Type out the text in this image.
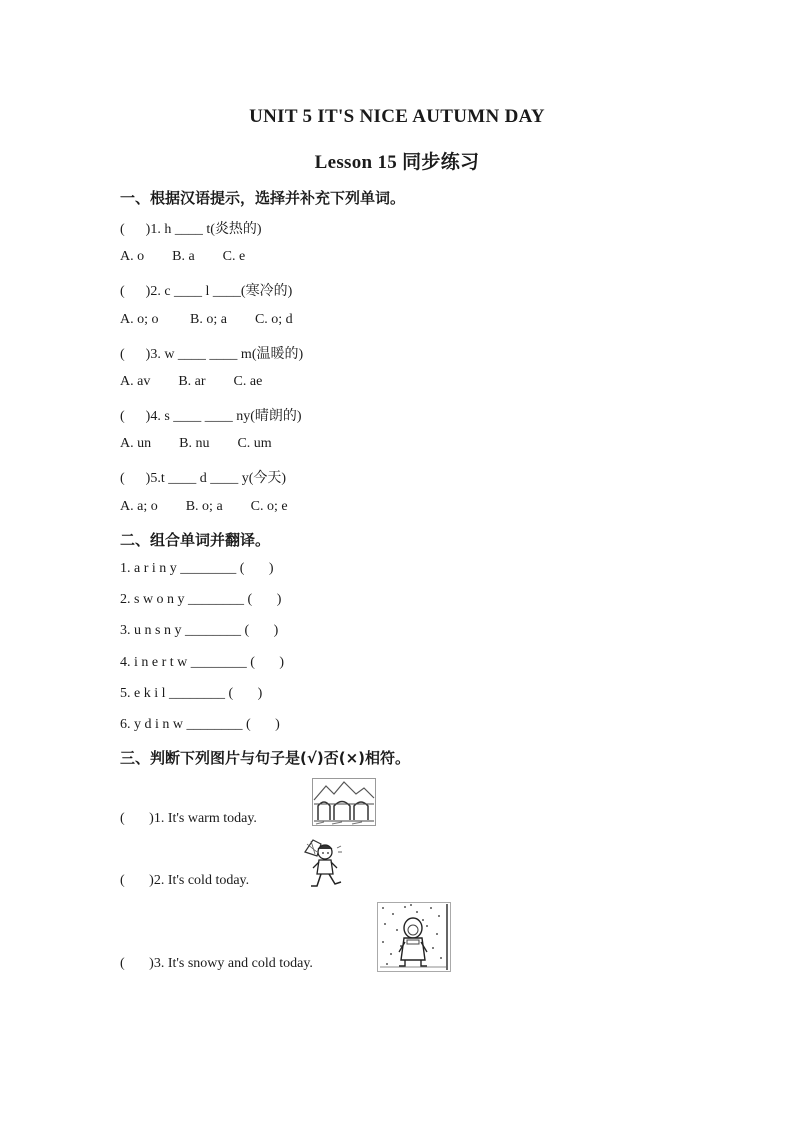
UNIT 5 IT'S NICE AUTUMN DAY
Lesson 15 同步练习
一、根据汉语提示，选择并补充下列单词。
(      )1. h ____ t(炎热的)
A. o        B. a        C. e
(      )2. c ____ l ____(寒冷的)
A. o; o         B. o; a        C. o; d
(      )3. w ____ ____ m(温暖的)
A. av        B. ar        C. ae
(      )4. s ____ ____ ny(晴朗的)
A. un        B. nu        C. um
(      )5.t ____ d ____ y(今天)
A. a; o        B. o; a        C. o; e
二、组合单词并翻译。
1. a r i n y ________ (       )
2. s w o n y ________ (       )
3. u n s n y ________ (       )
4. i n e r t w ________ (       )
5. e k i l ________ (       )
6. y d i n w ________ (       )
三、判断下列图片与句子是(√)否(×)相符。
(       )1. It's warm today.
(       )2. It's cold today.
(       )3. It's snowy and cold today.
